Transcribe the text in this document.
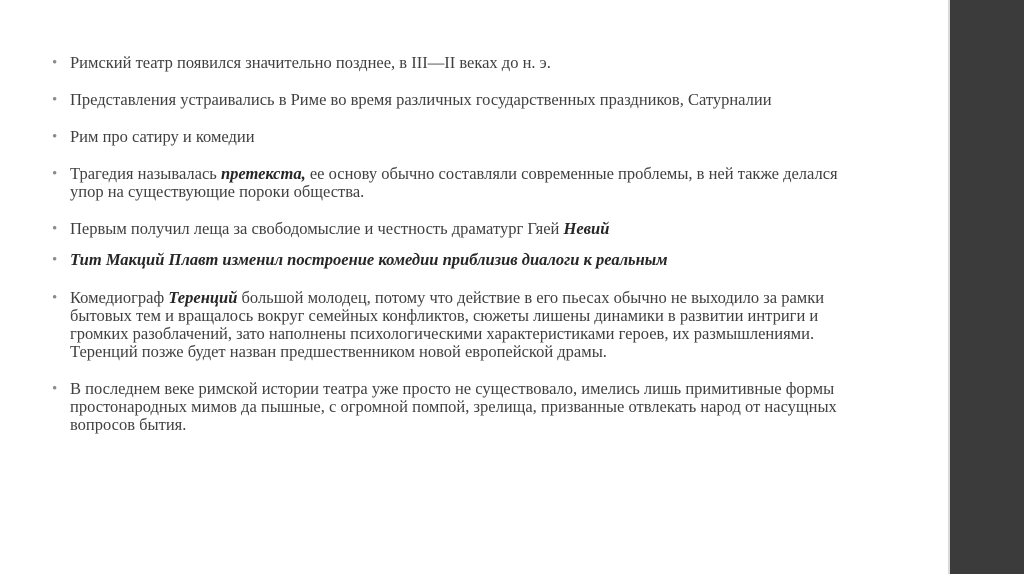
• Римский театр появился значительно позднее, в III—II веках до н. э.
• Представления устраивались в Риме во время различных государственных праздников, Сатурналии
• Рим про сатиру и комедии
• Трагедия называлась претекста, ее основу обычно составляли современные проблемы, в ней также делался упор на существующие пороки общества.
• Первым получил леща за свободомыслие и честность драматург Гяей Невий
• Тит Макций Плавт изменил построение комедии приблизив диалоги к реальным
• Комедиограф Теренций большой молодец, потому что действие в его пьесах обычно не выходило за рамки бытовых тем и вращалось вокруг семейных конфликтов, сюжеты лишены динамики в развитии интриги и громких разоблачений, зато наполнены психологическими характеристиками героев, их размышлениями. Теренций позже будет назван предшественником новой европейской драмы.
• В последнем веке римской истории театра уже просто не существовало, имелись лишь примитивные формы простонародных мимов да пышные, с огромной помпой, зрелища, призванные отвлекать народ от насущных вопросов бытия.
